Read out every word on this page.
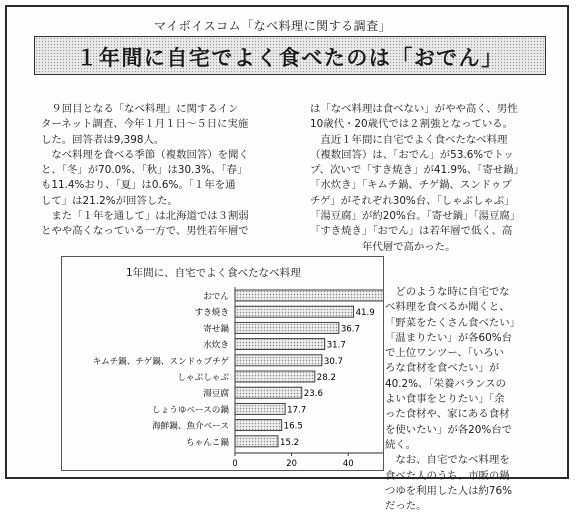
マイボイスコム「なべ料理に関する調査」
１年間に自宅でよく食べたのは「おでん」
　９回目となる「なべ料理」に関するイン
ターネット調査、今年１月１日～５日に実施
した。回答者は9,398人。
　なべ料理を食べる季節（複数回答）を聞く
と、「冬」が70.0%、「秋」は30.3%、「春」
も11.4%おり、「夏」は0.6%。「１年を通
して」は21.2%が回答した。
　また「１年を通して」は北海道では３割弱
とやや高くなっている一方で、男性若年層で
は「なべ料理は食べない」がやや高く、男性
10歳代・20歳代では２割強となっている。
　直近１年間に自宅でよく食べたなべ料理
（複数回答）は、「おでん」が53.6%でトッ
プ、次いで「すき焼き」が41.9%、「寄せ鍋」
「水炊き」「キムチ鍋、チゲ鍋、スンドゥブ
チゲ」がそれぞれ30%台、「しゃぶしゃぶ」
「湯豆腐」が約20%台。「寄せ鍋」「湯豆腐」
「すき焼き」「おでん」は若年層で低く、高
　　　　　年代層で高かった。
　どのような時に自宅でな
べ料理を食べるか聞くと、
「野菜をたくさん食べたい」
「温まりたい」が各60%台
で上位ワンツー、「いろい
ろな食材を食べたい」が
40.2%、「栄養バランスの
よい食事をとりたい」「余
った食材や、家にある食材
を使いたい」が各20%台で
続く。
　なお、自宅でなべ料理を
食べた人のうち、市販の鍋
つゆを利用した人は約76%
だった。
1年間に、自宅でよく食べたなべ料理
おでん
すき焼き	41.9
寄せ鍋	36.7
水炊き	31.7
キムチ鍋、チゲ鍋、スンドゥブチゲ	30.7
しゃぶしゃぶ	28.2
湯豆腐	23.6
しょうゆベースの鍋	17.7
海鮮鍋、魚介ベース	16.5
ちゃんこ鍋	15.2
0	20	40
